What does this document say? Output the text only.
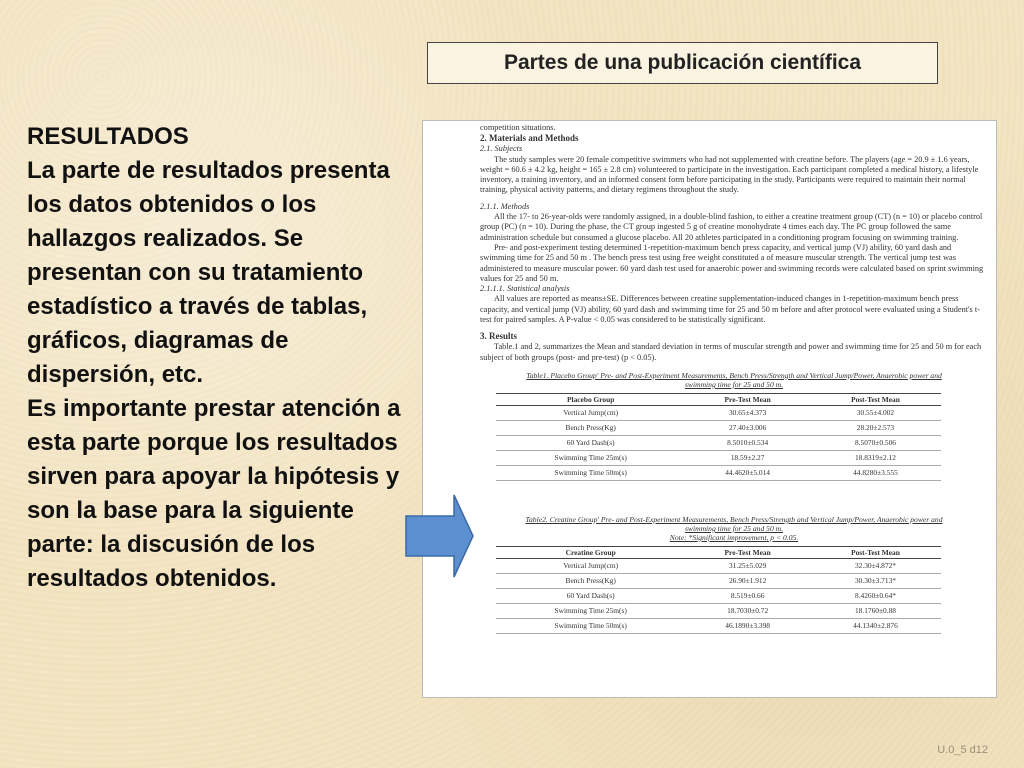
Partes de una publicación científica

RESULTADOS

La parte de resultados presenta los datos obtenidos o los hallazgos realizados. Se presentan con su tratamiento estadístico a través de tablas, gráficos, diagramas de dispersión, etc.

Es importante prestar atención a esta parte porque los resultados sirven para apoyar la hipótesis y son la base para la siguiente parte: la discusión de los resultados obtenidos.

competition situations.

2. Materials and Methods

2.1. Subjects

The study samples were 20 female competitive swimmers who had not supplemented with creatine before. The players (age = 20.9 ± 1.6 years, weight = 60.6 ± 4.2 kg, height = 165 ± 2.8 cm) volunteered to participate in the investigation. Each participant completed a medical history, a lifestyle inventory, a training inventory, and an informed consent form before participating in the study. Participants were required to maintain their normal training, physical activity patterns, and dietary regimens throughout the study.

2.1.1. Methods

All the 17- to 26-year-olds were randomly assigned, in a double-blind fashion, to either a creatine treatment group (CT) (n = 10) or placebo control group (PC) (n = 10). During the phase, the CT group ingested 5 g of creatine monohydrate 4 times each day. The PC group followed the same administration schedule but consumed a glucose placebo. All 20 athletes participated in a conditioning program focusing on swimming training.

Pre- and post-experiment testing determined 1-repetition-maximum bench press capacity, and vertical jump (VJ) ability, 60 yard dash and swimming time for 25 and 50 m . The bench press test using free weight constituted a of measure muscular strength. The vertical jump test was administered to measure muscular power. 60 yard dash test used for anaerobic power and swimming records were calculated based on sprint swimming values for 25 and 50 m.

2.1.1.1. Statistical analysis

All values are reported as means±SE. Differences between creatine supplementation-induced changes in 1-repetition-maximum bench press capacity, and vertical jump (VJ) ability, 60 yard dash and swimming time for 25 and 50 m before and after protocol were evaluated using a Student's t-test for paired samples. A P-value < 0.05 was considered to be statistically significant.

3. Results

Table.1 and 2, summarizes the Mean and standard deviation in terms of muscular strength and power and swimming time for 25 and 50 m for each subject of both groups (post- and pre-test) (p < 0.05).

Table1. Placebo Group' Pre- and Post-Experiment Measurements, Bench Press/Strength and Vertical Jump/Power, Anaerobic power and

swimming time for 25 and 50 m.

Placebo Group	Pre-Test Mean	Post-Test Mean
Vertical Jump(cm)	30.65±4.373	30.55±4.002
Bench Press(Kg)	27.40±3.006	28.20±2.573
60 Yard Dash(s)	8.5010±0.534	8.5070±0.506
Swimming Time 25m(s)	18.59±2.27	18.8319±2.12
Swimming Time 50m(s)	44.4620±5.014	44.8280±3.555

Table2. Creatine Group' Pre- and Post-Experiment Measurements, Bench Press/Strength and Vertical Jump/Power, Anaerobic power and

swimming time for 25 and 50 m.

Note: *Significant improvement, p < 0.05.

Creatine Group	Pre-Test Mean	Post-Test Mean
Vertical Jump(cm)	31.25±5.029	32.30±4.872*
Bench Press(Kg)	26.90±1.912	30.30±3.713*
60 Yard Dash(s)	8.519±0.66	8.4260±0.64*
Swimming Time 25m(s)	18.7030±0.72	18.1760±0.88
Swimming Time 50m(s)	46.1890±3.398	44.1340±2.876
U.0_5 d12
